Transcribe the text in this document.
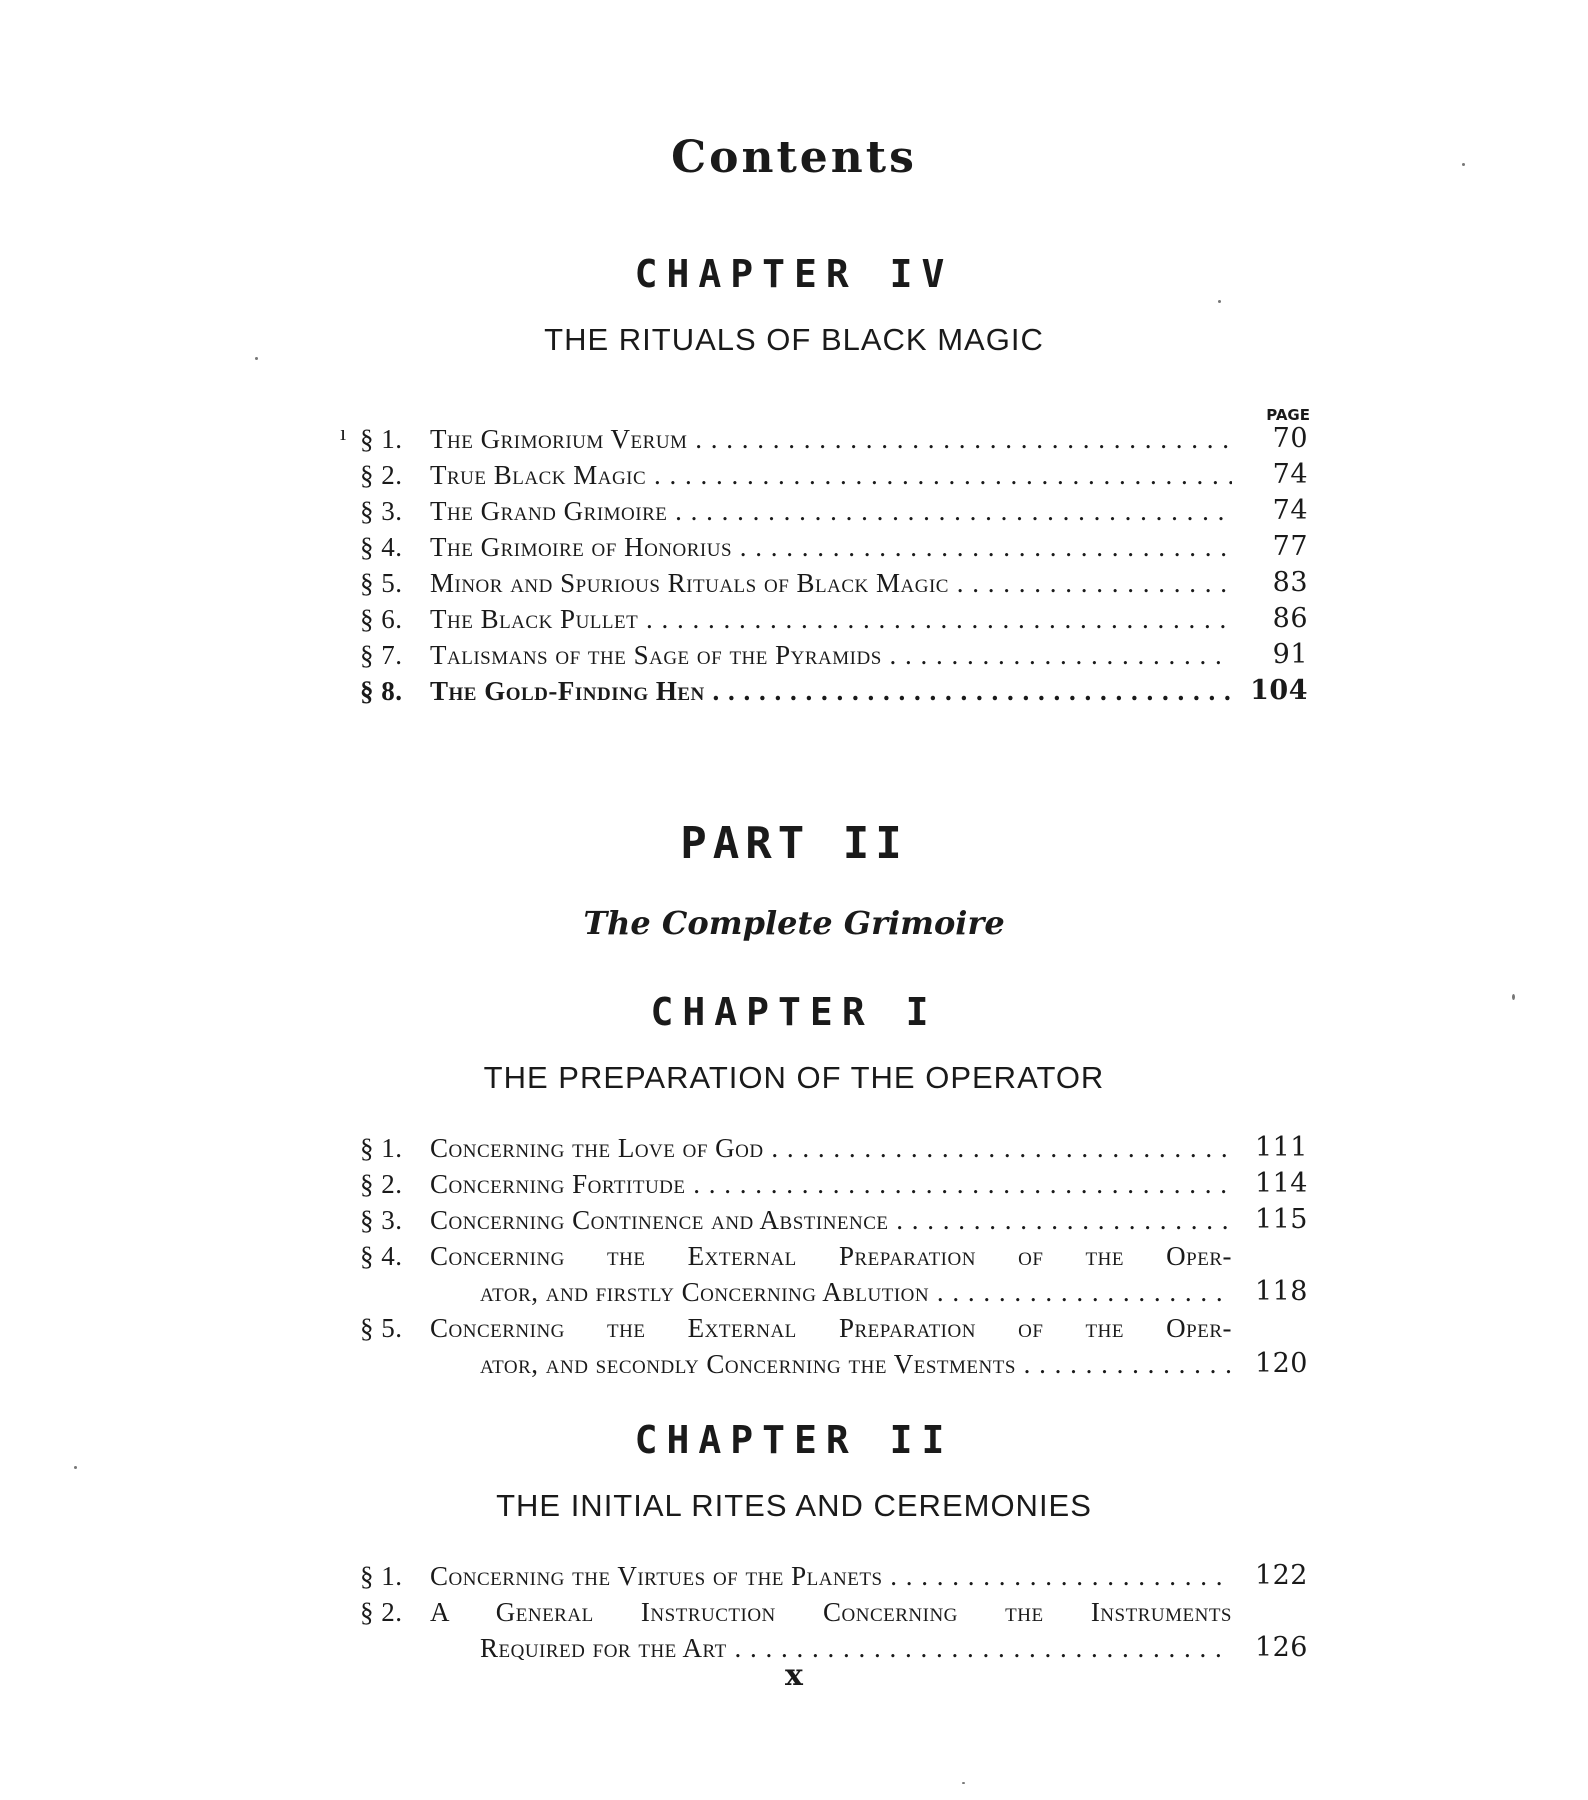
Contents
CHAPTER IV
THE RITUALS OF BLACK MAGIC
PAGE
ı § 1.	The Grimorium Verum . . .	70
§ 2.	True Black Magic . . .	74
§ 3.	The Grand Grimoire . . .	74
§ 4.	The Grimoire of Honorius . . .	77
§ 5.	Minor and Spurious Rituals of Black Magic . . .	83
§ 6.	The Black Pullet . . .	86
§ 7.	Talismans of the Sage of the Pyramids . . .	91
§ 8.	The Gold-Finding Hen . . .	104
PART II
The Complete Grimoire
CHAPTER I
THE PREPARATION OF THE OPERATOR
§ 1.	Concerning the Love of God . . .	111
§ 2.	Concerning Fortitude . . .	114
§ 3.	Concerning Continence and Abstinence . . .	115
§ 4.	Concerning the External Preparation of the Oper-
ator, and firstly Concerning Ablution . . .	118
§ 5.	Concerning the External Preparation of the Oper-
ator, and secondly Concerning the Vestments . . .	120
CHAPTER II
THE INITIAL RITES AND CEREMONIES
§ 1.	Concerning the Virtues of the Planets . . .	122
§ 2.	A General Instruction Concerning the Instruments
Required for the Art . . .	126
x
